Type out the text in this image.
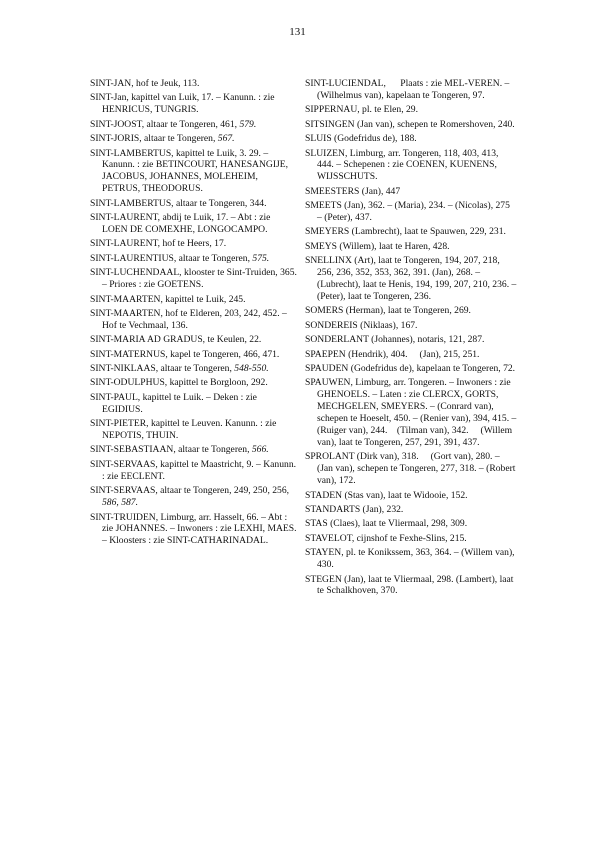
131

SINT-JAN, hof te Jeuk, 113.

SINT-Jan, kapittel van Luik, 17. – Kanunn. : zie HENRICUS, TUNGRIS.

SINT-JOOST, altaar te Tongeren, 461, 579.

SINT-JORIS, altaar te Tongeren, 567.

SINT-LAMBERTUS, kapittel te Luik, 3. 29. – Kanunn. : zie BETINCOURT, HANESANGIJE, JACOBUS, JOHANNES, MOLEHEIM, PETRUS, THEODORUS.

SINT-LAMBERTUS, altaar te Tongeren, 344.

SINT-LAURENT, abdij te Luik, 17. – Abt : zie LOEN DE COMEXHE, LONGOCAMPO.

SINT-LAURENT, hof te Heers, 17.

SINT-LAURENTIUS, altaar te Tongeren, 575.

SINT-LUCHENDAAL, klooster te Sint-Truiden, 365. – Priores : zie GOETENS.

SINT-MAARTEN, kapittel te Luik, 245.

SINT-MAARTEN, hof te Elderen, 203, 242, 452. – Hof te Vechmaal, 136.

SINT-MARIA AD GRADUS, te Keulen, 22.

SINT-MATERNUS, kapel te Tongeren, 466, 471.

SINT-NIKLAAS, altaar te Tongeren, 548-550.

SINT-ODULPHUS, kapittel te Borgloon, 292.

SINT-PAUL, kapittel te Luik. – Deken : zie EGIDIUS.

SINT-PIETER, kapittel te Leuven. Kanunn. : zie NEPOTIS, THUIN.

SINT-SEBASTIAAN, altaar te Tongeren, 566.

SINT-SERVAAS, kapittel te Maastricht, 9. – Kanunn. : zie EECLENT.

SINT-SERVAAS, altaar te Tongeren, 249, 250, 256, 586, 587.

SINT-TRUIDEN, Limburg, arr. Hasselt, 66. – Abt : zie JOHANNES. – Inwoners : zie LEXHI, MAES. – Kloosters : zie SINT-CATHARINADAL.

SINT-LUCIENDAL,      Plaats : zie MEL-VEREN. – (Wilhelmus van), kapelaan te Tongeren, 97.

SIPPERNAU, pl. te Elen, 29.

SITSINGEN (Jan van), schepen te Romershoven, 240.

SLUIS (Godefridus de), 188.

SLUIZEN, Limburg, arr. Tongeren, 118, 403, 413, 444. – Schepenen : zie COENEN, KUENENS, WIJSSCHUTS.

SMEESTERS (Jan), 447

SMEETS (Jan), 362. – (Maria), 234. – (Nicolas), 275   – (Peter), 437.

SMEYERS (Lambrecht), laat te Spauwen, 229, 231.

SMEYS (Willem), laat te Haren, 428.

SNELLINX (Art), laat te Tongeren, 194, 207, 218, 256, 236, 352, 353, 362, 391. (Jan), 268. – (Lubrecht), laat te Henis, 194, 199, 207, 210, 236. – (Peter), laat te Tongeren, 236.

SOMERS (Herman), laat te Tongeren, 269.

SONDEREIS (Niklaas), 167.

SONDERLANT (Johannes), notaris, 121, 287.

SPAEPEN (Hendrik), 404.     (Jan), 215, 251.

SPAUDEN (Godefridus de), kapelaan te Tongeren, 72.

SPAUWEN, Limburg, arr. Tongeren. – Inwoners : zie GHENOELS. – Laten : zie CLERCX, GORTS, MECHGELEN, SMEYERS. – (Conrard van), schepen te Hoeselt, 450. – (Renier van), 394, 415. – (Ruiger van), 244.    (Tilman van), 342.     (Willem van), laat te Tongeren, 257, 291, 391, 437.

SPROLANT (Dirk van), 318.     (Gort van), 280. – (Jan van), schepen te Tongeren, 277, 318. – (Robert van), 172.

STADEN (Stas van), laat te Widooie, 152.

STANDARTS (Jan), 232.

STAS (Claes), laat te Vliermaal, 298, 309.

STAVELOT, cijnshof te Fexhe-Slins, 215.

STAYEN, pl. te Konikssem, 363, 364. – (Willem van), 430.

STEGEN (Jan), laat te Vliermaal, 298. (Lambert), laat te Schalkhoven, 370.
